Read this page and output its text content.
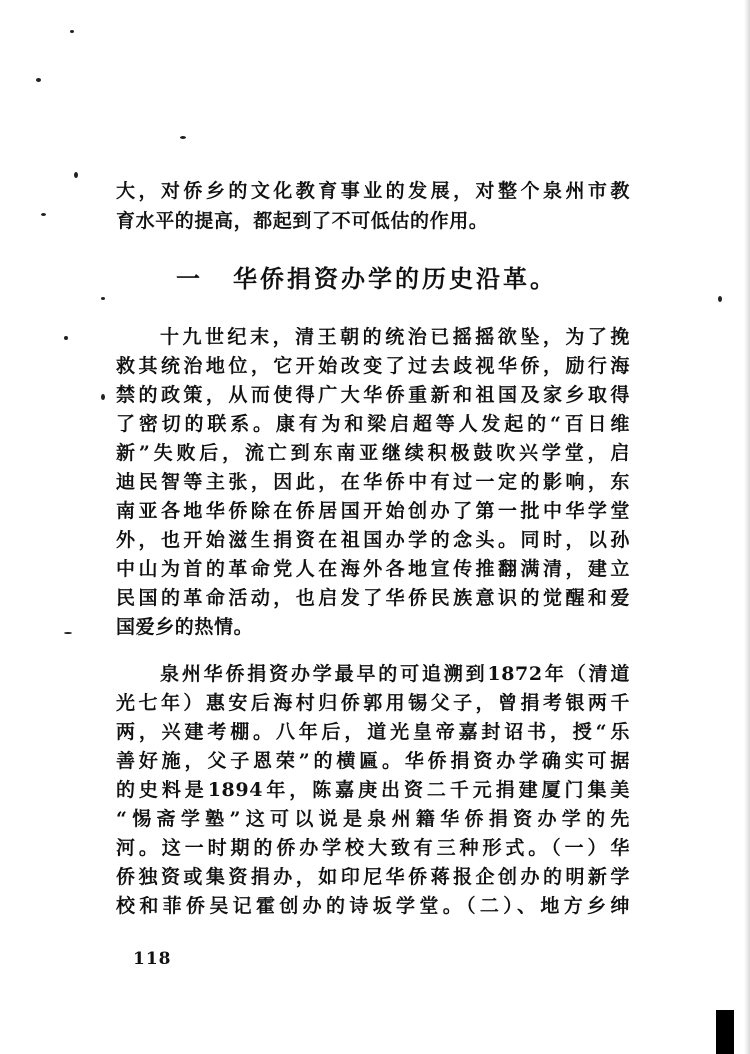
大，对侨乡的文化教育事业的发展，对整个泉州市教
育水平的提高，都起到了不可低估的作用。
一 华侨捐资办学的历史沿革。
十九世纪末，清王朝的统治已摇摇欲坠，为了挽
救其统治地位，它开始改变了过去歧视华侨，励行海
禁的政策，从而使得广大华侨重新和祖国及家乡取得
了密切的联系。康有为和梁启超等人发起的“百日维
新”失败后，流亡到东南亚继续积极鼓吹兴学堂，启
迪民智等主张，因此，在华侨中有过一定的影响，东
南亚各地华侨除在侨居国开始创办了第一批中华学堂
外，也开始滋生捐资在祖国办学的念头。同时，以孙
中山为首的革命党人在海外各地宣传推翻满清，建立
民国的革命活动，也启发了华侨民族意识的觉醒和爱
国爱乡的热情。
泉州华侨捐资办学最早的可追溯到1872年（清道
光七年）惠安后海村归侨郭用锡父子，曾捐考银两千
两，兴建考棚。八年后，道光皇帝嘉封诏书，授“乐
善好施，父子恩荣”的横匾。华侨捐资办学确实可据
的史料是1894年，陈嘉庚出资二千元捐建厦门集美
“惕斋学塾”这可以说是泉州籍华侨捐资办学的先
河。这一时期的侨办学校大致有三种形式。（一）华
侨独资或集资捐办，如印尼华侨蒋报企创办的明新学
校和菲侨吴记霍创办的诗坂学堂。（二）、地方乡绅
118
